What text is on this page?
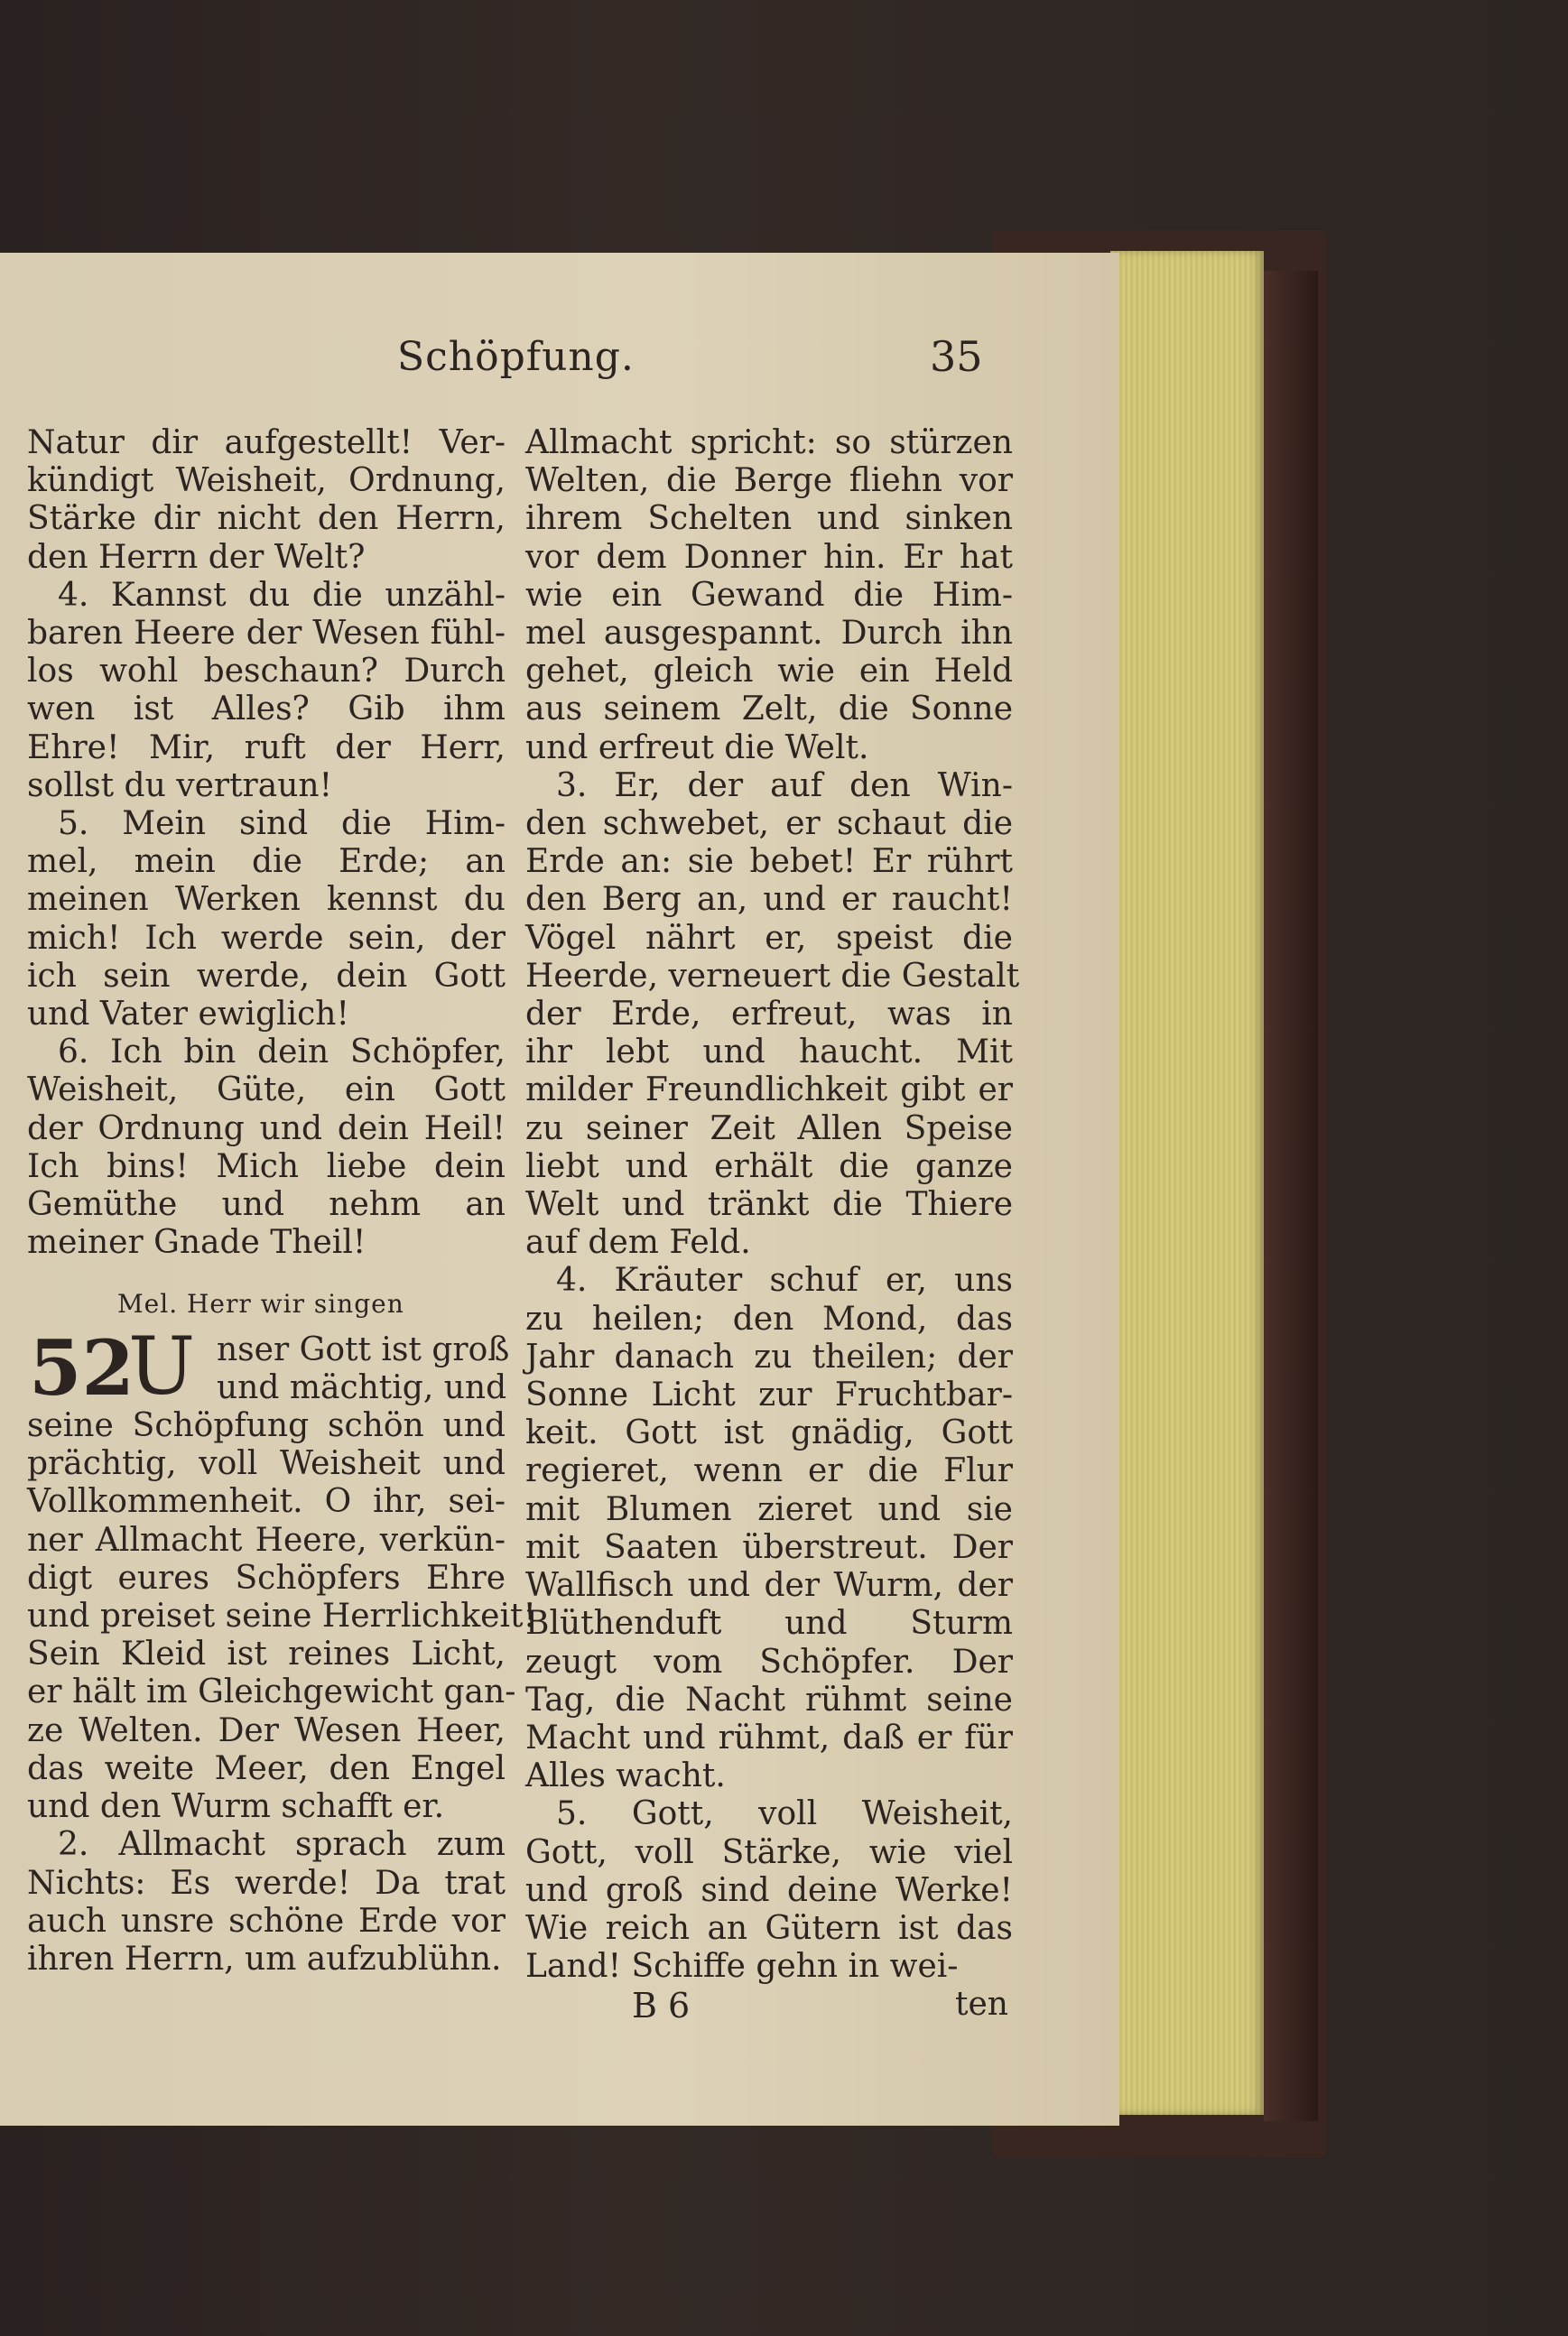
Schöpfung.	35
Natur dir aufgestellt! Ver-
kündigt Weisheit, Ordnung,
Stärke dir nicht den Herrn,
den Herrn der Welt?
4. Kannst du die unzähl-
baren Heere der Wesen fühl-
los wohl beschaun? Durch
wen ist Alles? Gib ihm
Ehre! Mir, ruft der Herr,
sollst du vertraun!
5. Mein sind die Him-
mel, mein die Erde; an
meinen Werken kennst du
mich! Ich werde sein, der
ich sein werde, dein Gott
und Vater ewiglich!
6. Ich bin dein Schöpfer,
Weisheit, Güte, ein Gott
der Ordnung und dein Heil!
Ich bins! Mich liebe dein
Gemüthe und nehm an
meiner Gnade Theil!
Mel. Herr wir singen
52
U nser Gott ist groß
und mächtig, und
seine Schöpfung schön und
prächtig, voll Weisheit und
Vollkommenheit. O ihr, sei-
ner Allmacht Heere, verkün-
digt eures Schöpfers Ehre
und preiset seine Herrlichkeit!
Sein Kleid ist reines Licht,
er hält im Gleichgewicht gan-
ze Welten. Der Wesen Heer,
das weite Meer, den Engel
und den Wurm schafft er.
2. Allmacht sprach zum
Nichts: Es werde! Da trat
auch unsre schöne Erde vor
ihren Herrn, um aufzublühn.
Allmacht spricht: so stürzen
Welten, die Berge fliehn vor
ihrem Schelten und sinken
vor dem Donner hin. Er hat
wie ein Gewand die Him-
mel ausgespannt. Durch ihn
gehet, gleich wie ein Held
aus seinem Zelt, die Sonne
und erfreut die Welt.
3. Er, der auf den Win-
den schwebet, er schaut die
Erde an: sie bebet! Er rührt
den Berg an, und er raucht!
Vögel nährt er, speist die
Heerde, verneuert die Gestalt
der Erde, erfreut, was in
ihr lebt und haucht. Mit
milder Freundlichkeit gibt er
zu seiner Zeit Allen Speise
liebt und erhält die ganze
Welt und tränkt die Thiere
auf dem Feld.
4. Kräuter schuf er, uns
zu heilen; den Mond, das
Jahr danach zu theilen; der
Sonne Licht zur Fruchtbar-
keit. Gott ist gnädig, Gott
regieret, wenn er die Flur
mit Blumen zieret und sie
mit Saaten überstreut. Der
Wallfisch und der Wurm, der
Blüthenduft und Sturm
zeugt vom Schöpfer. Der
Tag, die Nacht rühmt seine
Macht und rühmt, daß er für
Alles wacht.
5. Gott, voll Weisheit,
Gott, voll Stärke, wie viel
und groß sind deine Werke!
Wie reich an Gütern ist das
Land! Schiffe gehn in wei-
B 6	ten
